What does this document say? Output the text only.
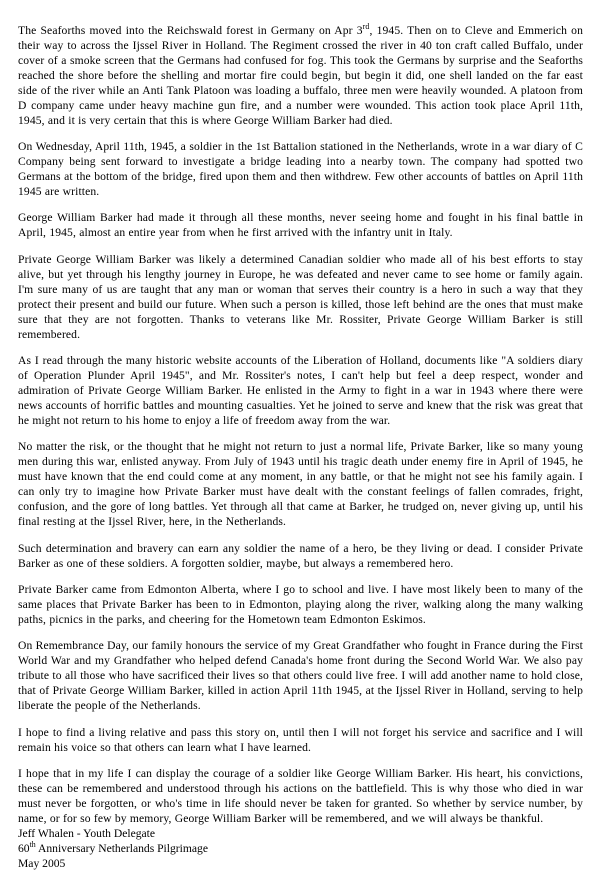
The Seaforths moved into the Reichswald forest in Germany on Apr 3rd, 1945. Then on to Cleve and Emmerich on their way to across the Ijssel River in Holland. The Regiment crossed the river in 40 ton craft called Buffalo, under cover of a smoke screen that the Germans had confused for fog. This took the Germans by surprise and the Seaforths reached the shore before the shelling and mortar fire could begin, but begin it did, one shell landed on the far east side of the river while an Anti Tank Platoon was loading a buffalo, three men were heavily wounded. A platoon from D company came under heavy machine gun fire, and a number were wounded. This action took place April 11th, 1945, and it is very certain that this is where George William Barker had died.

On Wednesday, April 11th, 1945, a soldier in the 1st Battalion stationed in the Netherlands, wrote in a war diary of C Company being sent forward to investigate a bridge leading into a nearby town. The company had spotted two Germans at the bottom of the bridge, fired upon them and then withdrew. Few other accounts of battles on April 11th 1945 are written.

George William Barker had made it through all these months, never seeing home and fought in his final battle in April, 1945, almost an entire year from when he first arrived with the infantry unit in Italy.

Private George William Barker was likely a determined Canadian soldier who made all of his best efforts to stay alive, but yet through his lengthy journey in Europe, he was defeated and never came to see home or family again. I'm sure many of us are taught that any man or woman that serves their country is a hero in such a way that they protect their present and build our future. When such a person is killed, those left behind are the ones that must make sure that they are not forgotten. Thanks to veterans like Mr. Rossiter, Private George William Barker is still remembered.

As I read through the many historic website accounts of the Liberation of Holland, documents like "A soldiers diary of Operation Plunder April 1945", and Mr. Rossiter's notes, I can't help but feel a deep respect, wonder and admiration of Private George William Barker. He enlisted in the Army to fight in a war in 1943 where there were news accounts of horrific battles and mounting casualties. Yet he joined to serve and knew that the risk was great that he might not return to his home to enjoy a life of freedom away from the war.

No matter the risk, or the thought that he might not return to just a normal life, Private Barker, like so many young men during this war, enlisted anyway. From July of 1943 until his tragic death under enemy fire in April of 1945, he must have known that the end could come at any moment, in any battle, or that he might not see his family again. I can only try to imagine how Private Barker must have dealt with the constant feelings of fallen comrades, fright, confusion, and the gore of long battles. Yet through all that came at Barker, he trudged on, never giving up, until his final resting at the Ijssel River, here, in the Netherlands.

Such determination and bravery can earn any soldier the name of a hero, be they living or dead. I consider Private Barker as one of these soldiers. A forgotten soldier, maybe, but always a remembered hero.

Private Barker came from Edmonton Alberta, where I go to school and live. I have most likely been to many of the same places that Private Barker has been to in Edmonton, playing along the river, walking along the many walking paths, picnics in the parks, and cheering for the Hometown team Edmonton Eskimos.

On Remembrance Day, our family honours the service of my Great Grandfather who fought in France during the First World War and my Grandfather who helped defend Canada's home front during the Second World War. We also pay tribute to all those who have sacrificed their lives so that others could live free. I will add another name to hold close, that of Private George William Barker, killed in action April 11th 1945, at the Ijssel River in Holland, serving to help liberate the people of the Netherlands.

I hope to find a living relative and pass this story on, until then I will not forget his service and sacrifice and I will remain his voice so that others can learn what I have learned.

I hope that in my life I can display the courage of a soldier like George William Barker. His heart, his convictions, these can be remembered and understood through his actions on the battlefield. This is why those who died in war must never be forgotten, or who's time in life should never be taken for granted. So whether by service number, by name, or for so few by memory, George William Barker will be remembered, and we will always be thankful.

Jeff Whalen - Youth Delegate
60th Anniversary Netherlands Pilgrimage
May 2005
